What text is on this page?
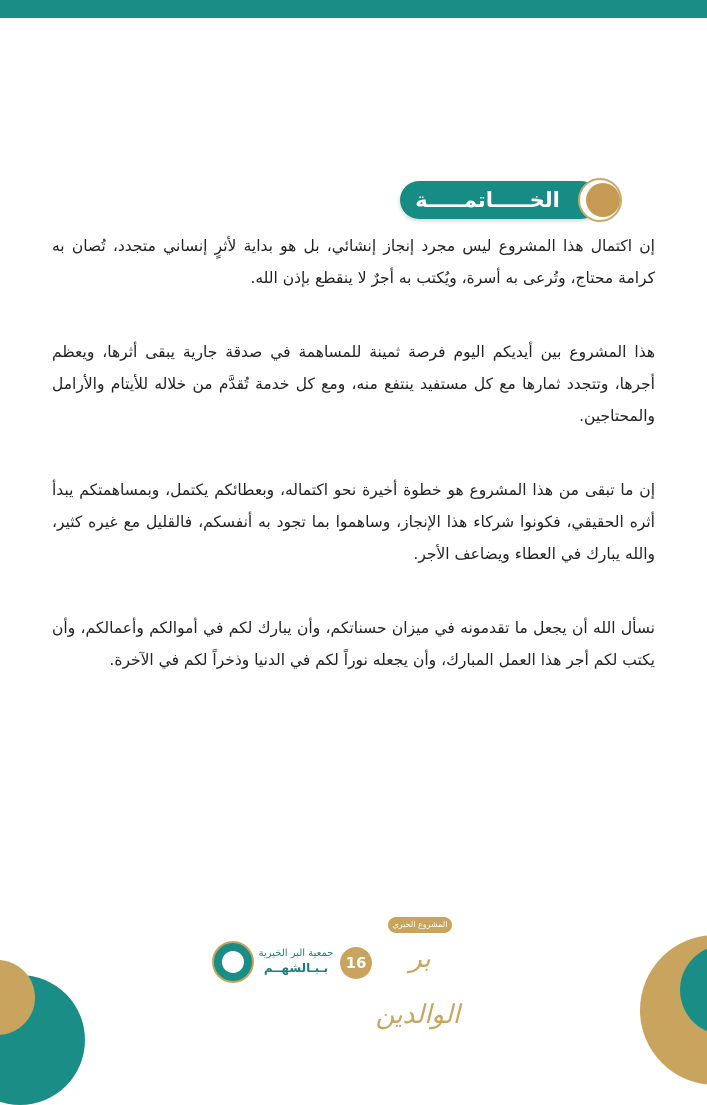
الخـــــاتمـــــة

إن اكتمال هذا المشروع ليس مجرد إنجاز إنشائي، بل هو بداية لأثرٍ إنساني متجدد، تُصان به كرامة محتاج، وتُرعى به أسرة، ويُكتب به أجرٌ لا ينقطع بإذن الله.

هذا المشروع بين أيديكم اليوم فرصة ثمينة للمساهمة في صدقة جارية يبقى أثرها، ويعظم أجرها، وتتجدد ثمارها مع كل مستفيد ينتفع منه، ومع كل خدمة تُقدَّم من خلاله للأيتام والأرامل والمحتاجين.

إن ما تبقى من هذا المشروع هو خطوة أخيرة نحو اكتماله، وبعطائكم يكتمل، وبمساهمتكم يبدأ أثره الحقيقي، فكونوا شركاء هذا الإنجاز، وساهموا بما تجود به أنفسكم، فالقليل مع غيره كثير، والله يبارك في العطاء ويضاعف الأجر.

نسأل الله أن يجعل ما تقدمونه في ميزان حسناتكم، وأن يبارك لكم في أموالكم وأعمالكم، وأن يكتب لكم أجر هذا العمل المبارك، وأن يجعله نوراً لكم في الدنيا وذخراً لكم في الآخرة.

جمعية البر الخيرية
بـبـالشهــم	16
المشروع الخيري
بر الوالدين
